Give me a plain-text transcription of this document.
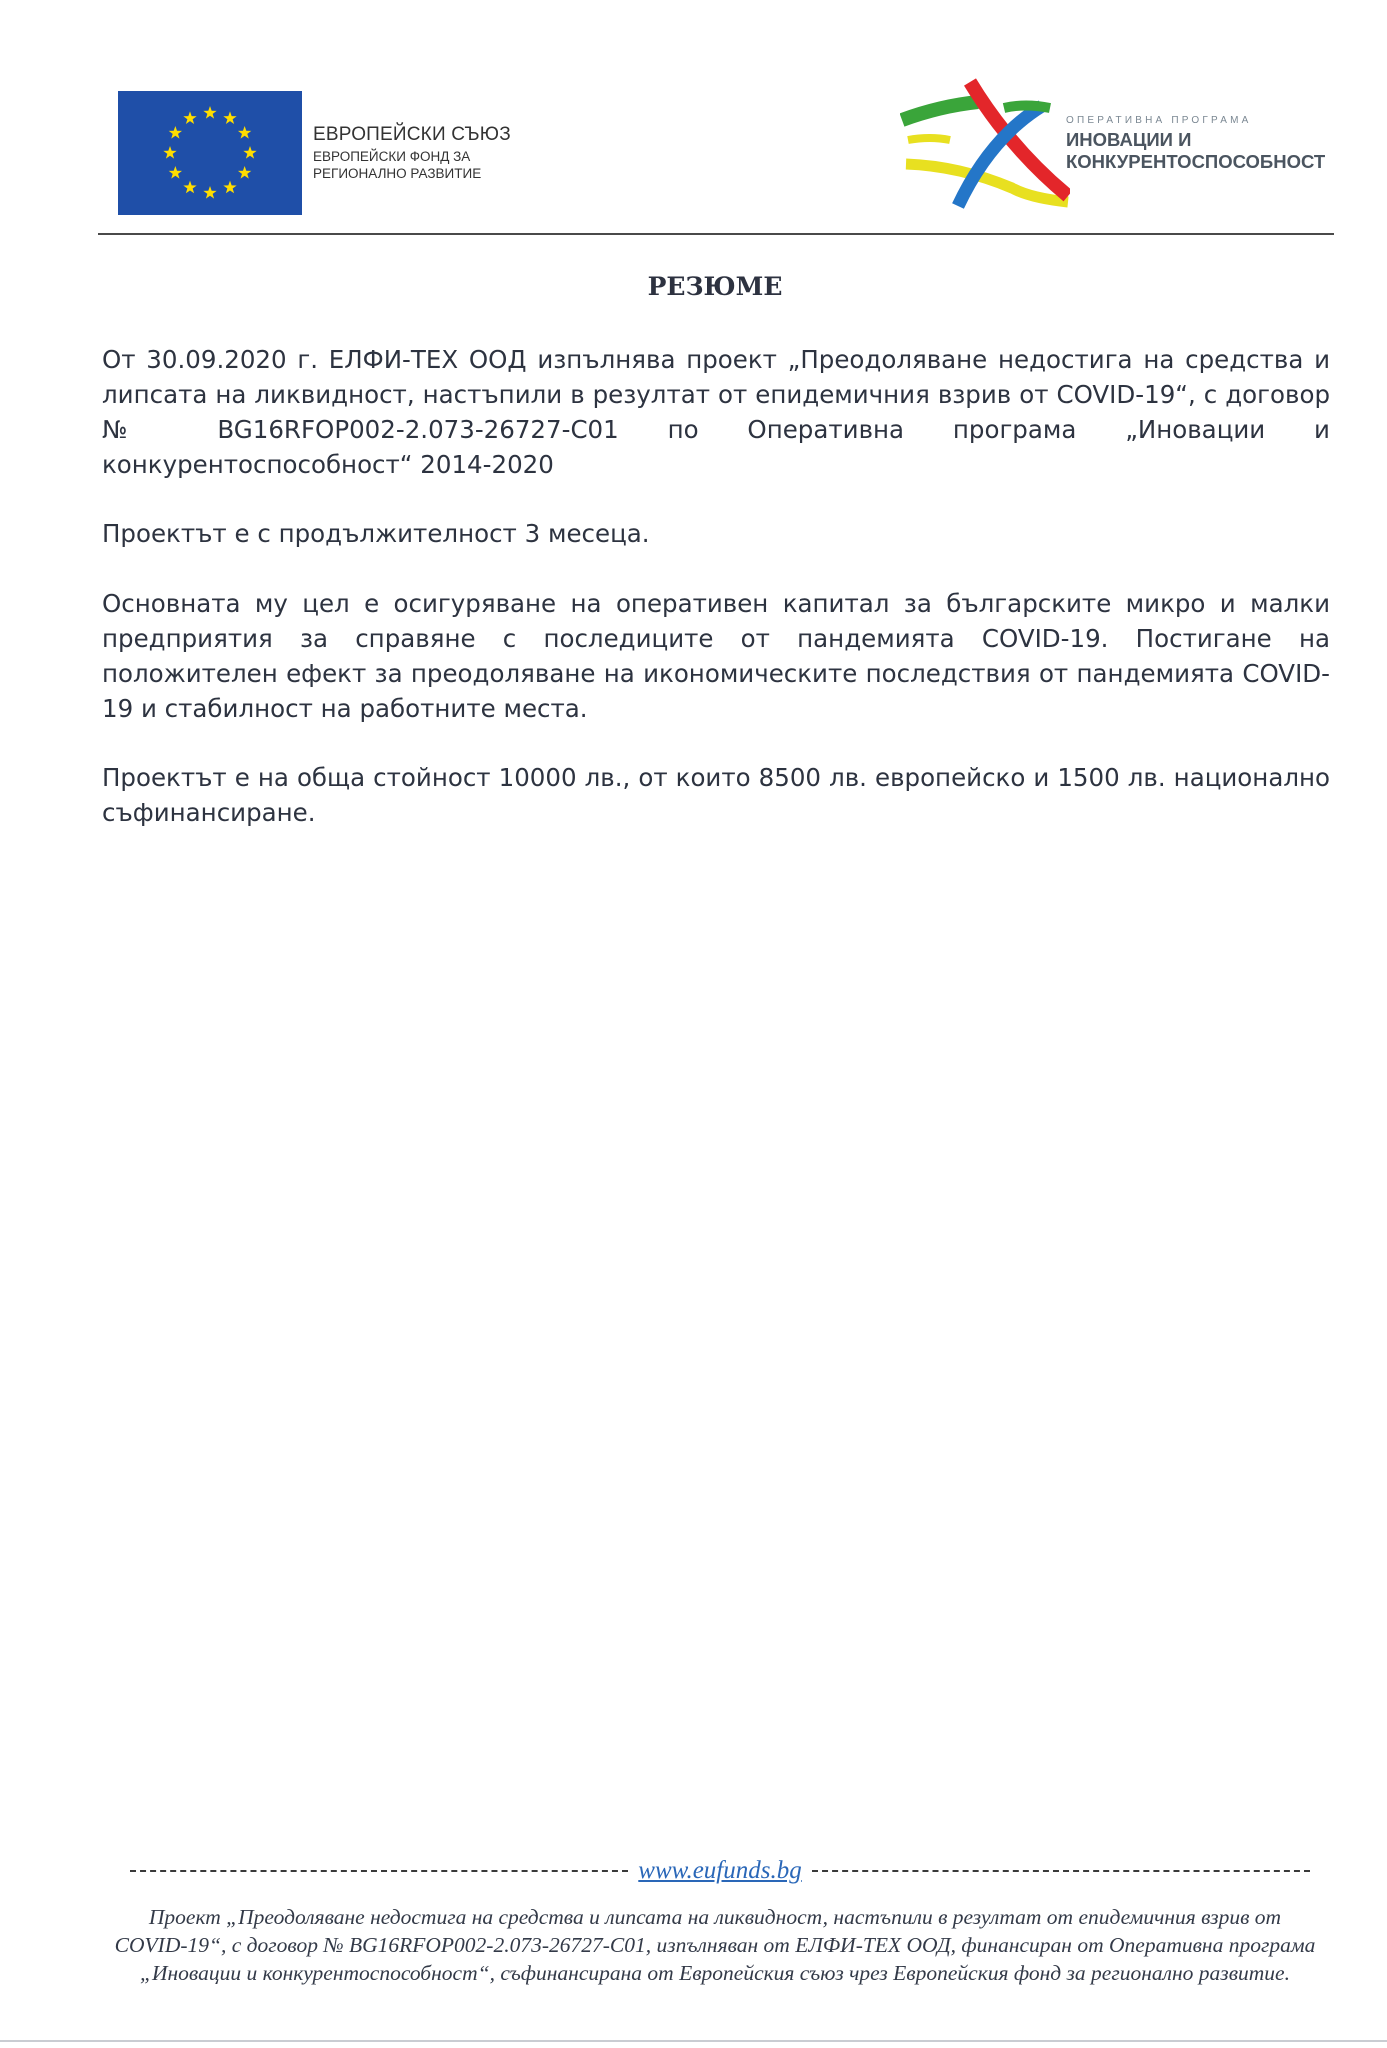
ЕВРОПЕЙСКИ СЪЮЗ
ЕВРОПЕЙСКИ ФОНД ЗА
РЕГИОНАЛНО РАЗВИТИЕ
ОПЕРАТИВНА ПРОГРАМА
ИНОВАЦИИ И
КОНКУРЕНТОСПОСОБНОСТ
РЕЗЮМЕ
От 30.09.2020 г. ЕЛФИ-ТЕХ ООД изпълнява проект „Преодоляване недостига на средства и липсата на ликвидност, настъпили в резултат от епидемичния взрив от COVID-19“, с договор № BG16RFOP002-2.073-26727-C01 по Оперативна програма „Иновации и конкурентоспособност“ 2014-2020
Проектът е с продължителност 3 месеца.
Основната му цел е осигуряване на оперативен капитал за българските микро и малки предприятия за справяне с последиците от пандемията COVID-19. Постигане на положителен ефект за преодоляване на икономическите последствия от пандемията COVID-19 и стабилност на работните места.
Проектът е на обща стойност 10000 лв., от които 8500 лв. европейско и 1500 лв. национално съфинансиране.
www.eufunds.bg
Проект „Преодоляване недостига на средства и липсата на ликвидност, настъпили в резултат от епидемичния взрив от COVID-19“, с договор № BG16RFOP002-2.073-26727-C01, изпълняван от ЕЛФИ-ТЕХ ООД, финансиран от Оперативна програма „Иновации и конкурентоспособност“, съфинансирана от Европейския съюз чрез Европейския фонд за регионално развитие.
